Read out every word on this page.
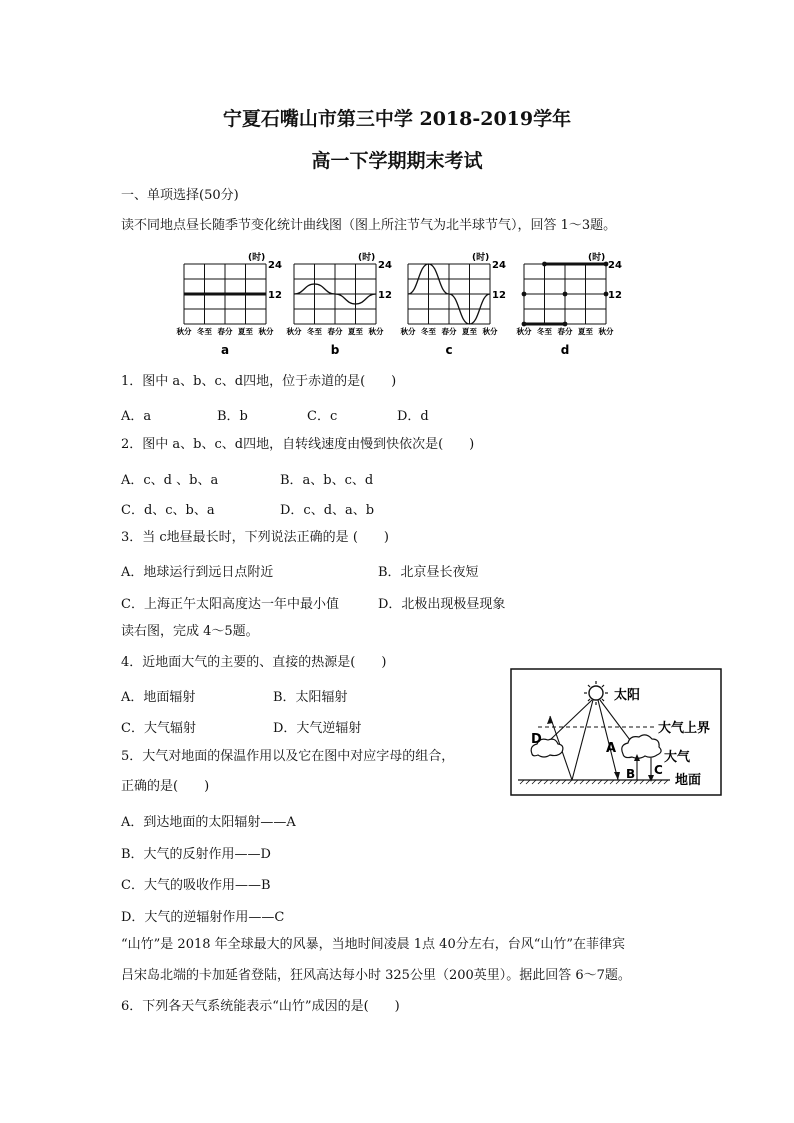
宁夏石嘴山市第三中学 2018-2019学年
高一下学期期末考试
一、单项选择(50分)
读不同地点昼长随季节变化统计曲线图（图上所注节气为北半球节气），回答 1～3题。
(时)
24
12
秋分 冬至 春分 夏至 秋分
a
(时)
24
12
秋分 冬至 春分 夏至 秋分
b
(时)
24
12
秋分 冬至 春分 夏至 秋分
c
(时)
24
12
秋分 冬至 春分 夏至 秋分
d
1．图中 a、b、c、d四地，位于赤道的是(　　)
A．a	B．b	C．c	D．d
2．图中 a、b、c、d四地，自转线速度由慢到快依次是(　　)
A．c、d 、b、a	B．a、b、c、d
C．d、c、b、a	D．c、d、a、b
3．当 c地昼最长时，下列说法正确的是 (　　)
A．地球运行到远日点附近	B．北京昼长夜短
C．上海正午太阳高度达一年中最小值	D．北极出现极昼现象
读右图，完成 4～5题。
4．近地面大气的主要的、直接的热源是(　　)
A．地面辐射	B．太阳辐射
C．大气辐射	D．大气逆辐射
5．大气对地面的保温作用以及它在图中对应字母的组合，
正确的是(　　)
A．到达地面的太阳辐射——A
B．大气的反射作用——D
C．大气的吸收作用——B
D．大气的逆辐射作用——C
“山竹”是 2018 年全球最大的风暴，当地时间凌晨 1点 40分左右，台风“山竹”在菲律宾
吕宋岛北端的卡加延省登陆，狂风高达每小时 325公里（200英里）。据此回答 6～7题。
6．下列各天气系统能表示“山竹”成因的是(　　)
太阳
大气上界
D
A
大气
B C
地面
